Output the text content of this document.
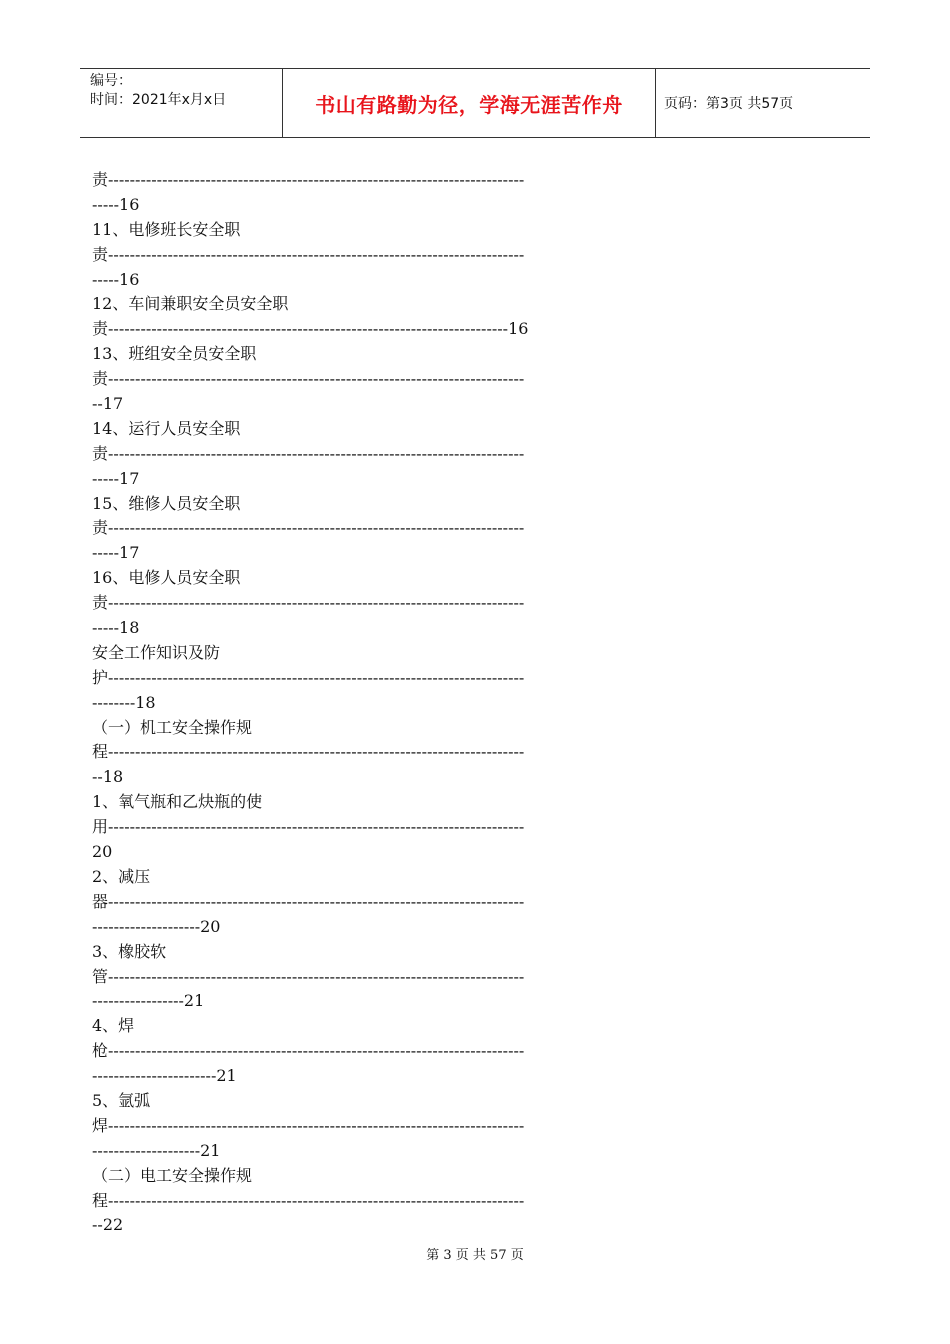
编号：
时间：2021年x月x日	书山有路勤为径，学海无涯苦作舟	页码：第3页 共57页
责-----------------------------------------------------------------------------
-----16
11、电修班长安全职
责-----------------------------------------------------------------------------
-----16
12、车间兼职安全员安全职
责--------------------------------------------------------------------------16
13、班组安全员安全职
责-----------------------------------------------------------------------------
--17
14、运行人员安全职
责-----------------------------------------------------------------------------
-----17
15、维修人员安全职
责-----------------------------------------------------------------------------
-----17
16、电修人员安全职
责-----------------------------------------------------------------------------
-----18
安全工作知识及防
护-----------------------------------------------------------------------------
--------18
（一）机工安全操作规
程-----------------------------------------------------------------------------
--18
1、氧气瓶和乙炔瓶的使
用-----------------------------------------------------------------------------
20
2、减压
器-----------------------------------------------------------------------------
--------------------20
3、橡胶软
管-----------------------------------------------------------------------------
-----------------21
4、焊
枪-----------------------------------------------------------------------------
-----------------------21
5、氩弧
焊-----------------------------------------------------------------------------
--------------------21
（二）电工安全操作规
程-----------------------------------------------------------------------------
--22
第 3 页 共 57 页
